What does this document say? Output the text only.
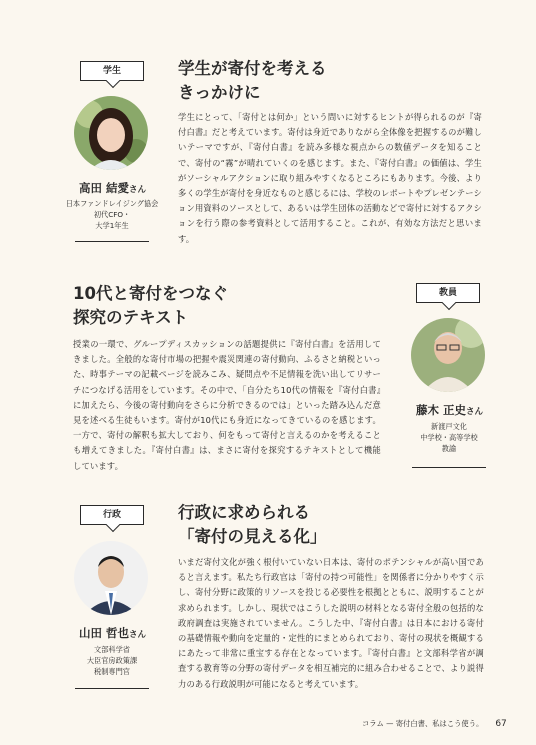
学生
高田 結愛さん
日本ファンドレイジング協会
初代CFO・
大学1年生
学生が寄付を考える
きっかけに
学生にとって、「寄付とは何か」という問いに対するヒントが得られるのが『寄付白書』だと考えています。寄付は身近でありながら全体像を把握するのが難しいテーマですが、『寄付白書』を読み多様な視点からの数値データを知ることで、寄付の“霧”が晴れていくのを感じます。また、『寄付白書』の価値は、学生がソーシャルアクションに取り組みやすくなるところにもあります。今後、より多くの学生が寄付を身近なものと感じるには、学校のレポートやプレゼンテーション用資料のソースとして、あるいは学生団体の活動などで寄付に対するアクションを行う際の参考資料として活用すること。これが、有効な方法だと思います。
10代と寄付をつなぐ
探究のテキスト
授業の一環で、グループディスカッションの話題提供に『寄付白書』を活用してきました。全般的な寄付市場の把握や震災関連の寄付動向、ふるさと納税といった、時事テーマの記載ページを読みこみ、疑問点や不足情報を洗い出してリサーチにつなげる活用をしています。その中で、「自分たち10代の情報を『寄付白書』に加えたら、今後の寄付動向をさらに分析できるのでは」といった踏み込んだ意見を述べる生徒もいます。寄付が10代にも身近になってきているのを感じます。一方で、寄付の解釈も拡大しており、何をもって寄付と言えるのかを考えることも増えてきました。『寄付白書』は、まさに寄付を探究するテキストとして機能しています。
教員
藤木 正史さん
新渡戸文化
中学校・高等学校
教諭
行政
山田 哲也さん
文部科学省
大臣官房政策課
税制専門官
行政に求められる
「寄付の見える化」
いまだ寄付文化が強く根付いていない日本は、寄付のポテンシャルが高い国であると言えます。私たち行政官は「寄付の持つ可能性」を関係者に分かりやすく示し、寄付分野に政策的リソースを投じる必要性を根拠とともに、説明することが求められます。しかし、現状ではこうした説明の材料となる寄付全般の包括的な政府調査は実施されていません。こうした中、『寄付白書』は日本における寄付の基礎情報や動向を定量的・定性的にまとめられており、寄付の現状を概観するにあたって非常に重宝する存在となっています。『寄付白書』と文部科学省が調査する教育等の分野の寄付データを相互補完的に組み合わせることで、より説得力のある行政説明が可能になると考えています。
コラム — 寄付白書、私はこう使う。 67
